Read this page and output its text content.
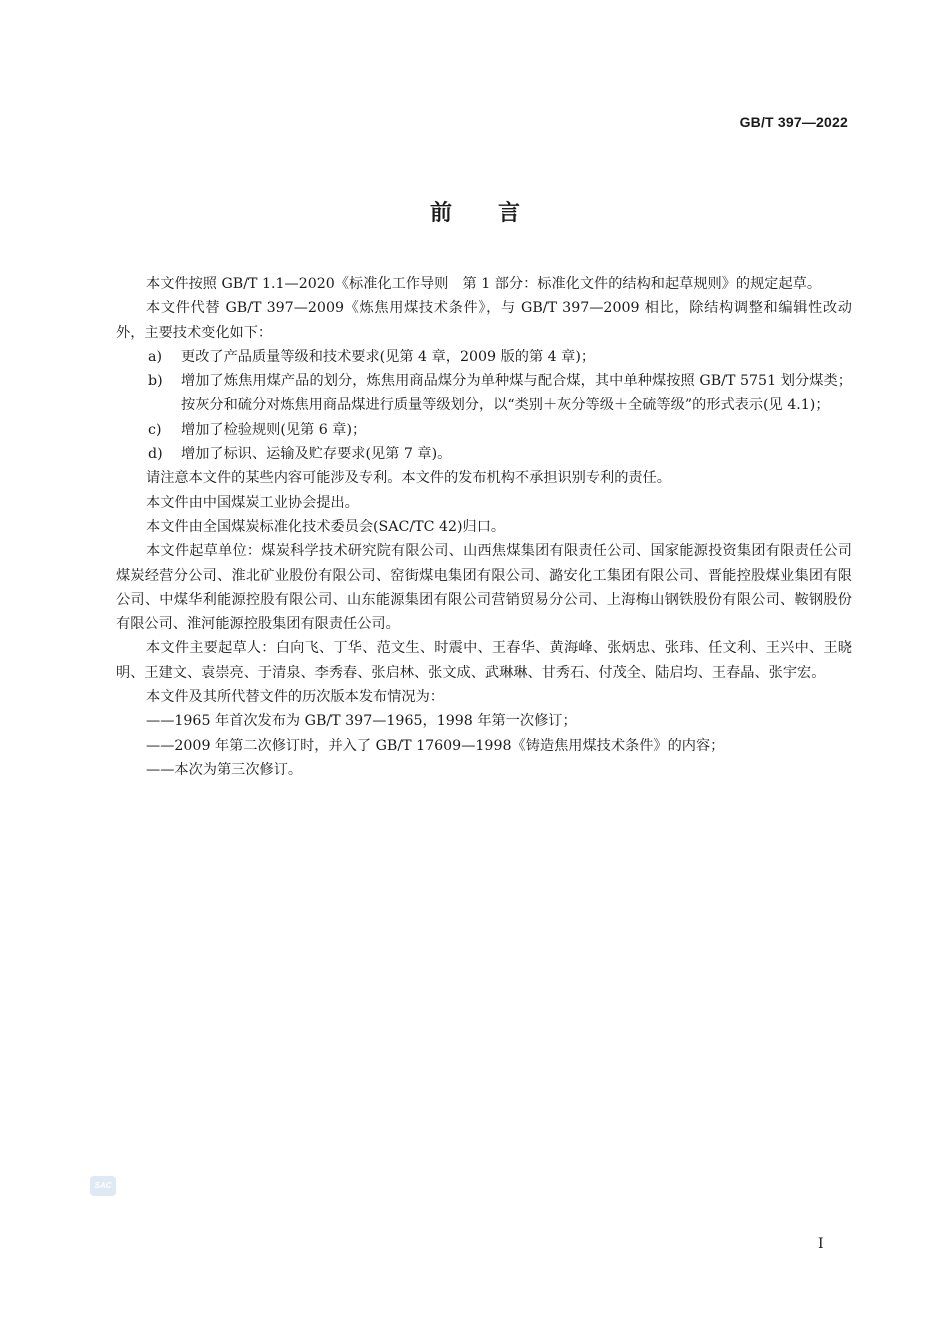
GB/T 397—2022
前言

本文件按照 GB/T 1.1—2020《标准化工作导则　第 1 部分：标准化文件的结构和起草规则》的规定起草。

本文件代替 GB/T 397—2009《炼焦用煤技术条件》，与 GB/T 397—2009 相比，除结构调整和编辑性改动外，主要技术变化如下：

a) 更改了产品质量等级和技术要求(见第 4 章，2009 版的第 4 章)；
b) 增加了炼焦用煤产品的划分，炼焦用商品煤分为单种煤与配合煤，其中单种煤按照 GB/T 5751 划分煤类；按灰分和硫分对炼焦用商品煤进行质量等级划分，以“类别＋灰分等级＋全硫等级”的形式表示(见 4.1)；
c) 增加了检验规则(见第 6 章)；
d) 增加了标识、运输及贮存要求(见第 7 章)。

请注意本文件的某些内容可能涉及专利。本文件的发布机构不承担识别专利的责任。

本文件由中国煤炭工业协会提出。

本文件由全国煤炭标准化技术委员会(SAC/TC 42)归口。

本文件起草单位：煤炭科学技术研究院有限公司、山西焦煤集团有限责任公司、国家能源投资集团有限责任公司煤炭经营分公司、淮北矿业股份有限公司、窑街煤电集团有限公司、潞安化工集团有限公司、晋能控股煤业集团有限公司、中煤华利能源控股有限公司、山东能源集团有限公司营销贸易分公司、上海梅山钢铁股份有限公司、鞍钢股份有限公司、淮河能源控股集团有限责任公司。

本文件主要起草人：白向飞、丁华、范文生、时震中、王春华、黄海峰、张炳忠、张玮、任文利、王兴中、王晓明、王建文、袁崇亮、于清泉、李秀春、张启林、张文成、武琳琳、甘秀石、付茂全、陆启均、王春晶、张宇宏。

本文件及其所代替文件的历次版本发布情况为：

——1965 年首次发布为 GB/T 397—1965，1998 年第一次修订；

——2009 年第二次修订时，并入了 GB/T 17609—1998《铸造焦用煤技术条件》的内容；

——本次为第三次修订。

SAC
I
